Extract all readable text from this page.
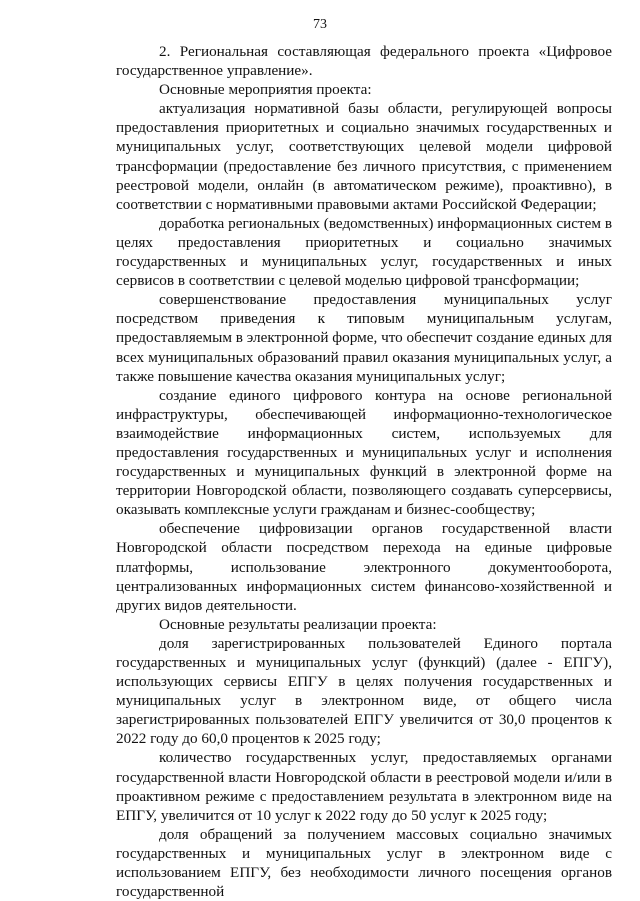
73

2. Региональная составляющая федерального проекта «Цифровое государственное управление».

Основные мероприятия проекта:

актуализация нормативной базы области, регулирующей вопросы предоставления приоритетных и социально значимых государственных и муниципальных услуг, соответствующих целевой модели цифровой трансформации (предоставление без личного присутствия, с применением реестровой модели, онлайн (в автоматическом режиме), проактивно), в соответствии с нормативными правовыми актами Российской Федерации;

доработка региональных (ведомственных) информационных систем в целях предоставления приоритетных и социально значимых государственных и муниципальных услуг, государственных и иных сервисов в соответствии с целевой моделью цифровой трансформации;

совершенствование предоставления муниципальных услуг посредством приведения к типовым муниципальным услугам, предоставляемым в электронной форме, что обеспечит создание единых для всех муниципальных образований правил оказания муниципальных услуг, а также повышение качества оказания муниципальных услуг;

создание единого цифрового контура на основе региональной инфраструктуры, обеспечивающей информационно-технологическое взаимодействие информационных систем, используемых для предоставления государственных и муниципальных услуг и исполнения государственных и муниципальных функций в электронной форме на территории Новгородской области, позволяющего создавать суперсервисы, оказывать комплексные услуги гражданам и бизнес-сообществу;

обеспечение цифровизации органов государственной власти Новгородской области посредством перехода на единые цифровые платформы, использование электронного документооборота, централизованных информационных систем финансово-хозяйственной и других видов деятельности.

Основные результаты реализации проекта:

доля зарегистрированных пользователей Единого портала государственных и муниципальных услуг (функций) (далее - ЕПГУ), использующих сервисы ЕПГУ в целях получения государственных и муниципальных услуг в электронном виде, от общего числа зарегистрированных пользователей ЕПГУ увеличится от 30,0 процентов к 2022 году до 60,0 процентов к 2025 году;

количество государственных услуг, предоставляемых органами государственной власти Новгородской области в реестровой модели и/или в проактивном режиме с предоставлением результата в электронном виде на ЕПГУ, увеличится от 10 услуг к 2022 году до 50 услуг к 2025 году;

доля обращений за получением массовых социально значимых государственных и муниципальных услуг в электронном виде с использованием ЕПГУ, без необходимости личного посещения органов государственной
